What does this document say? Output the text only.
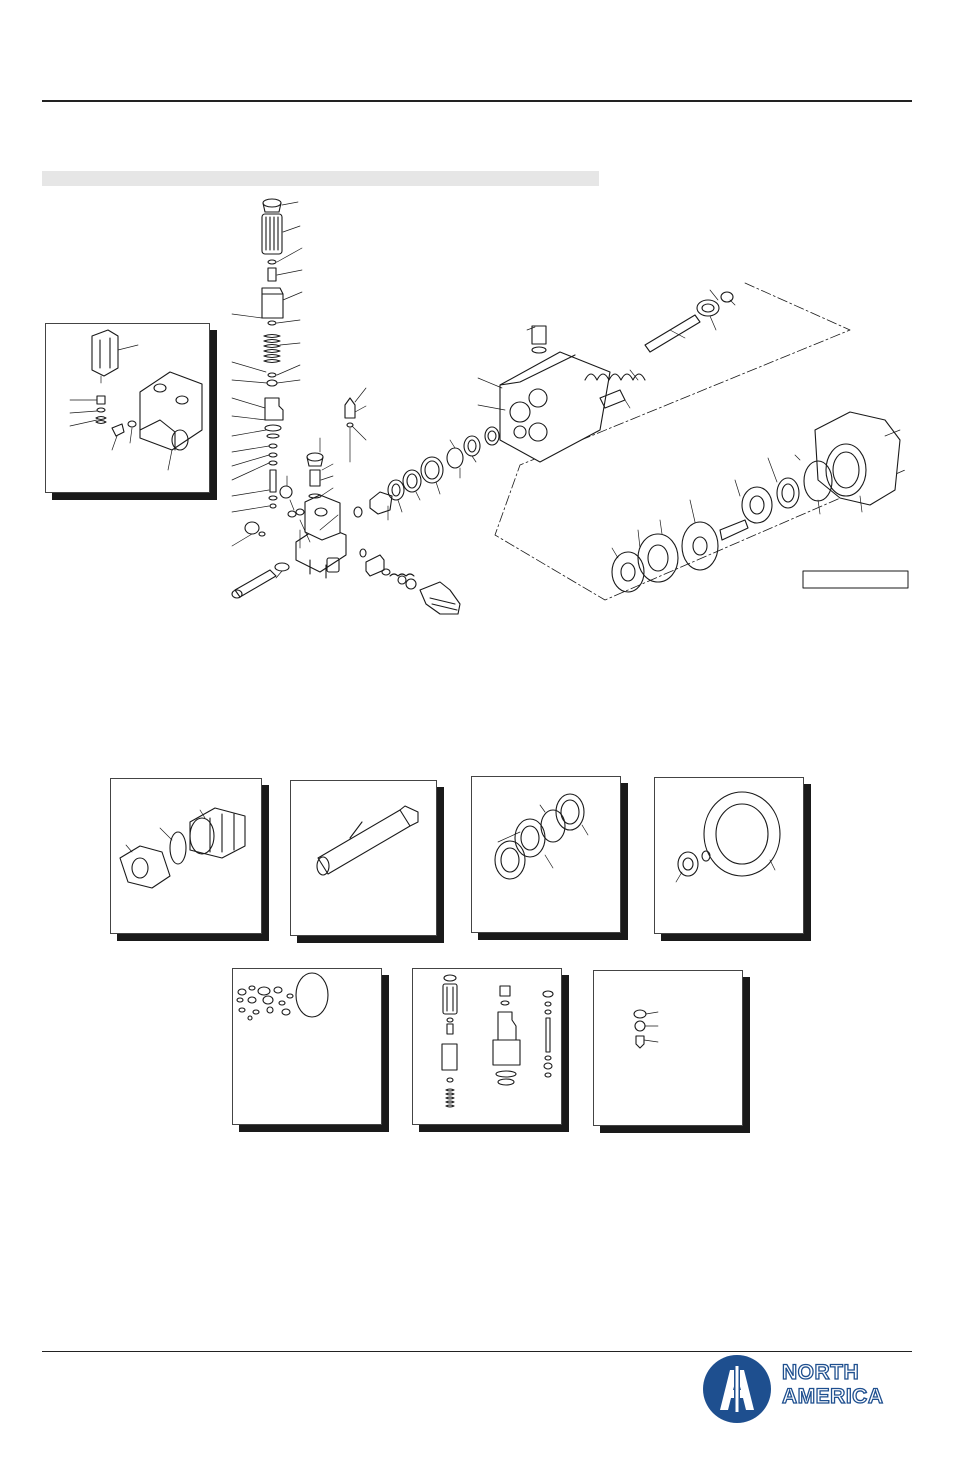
NORTH
AMERICA
